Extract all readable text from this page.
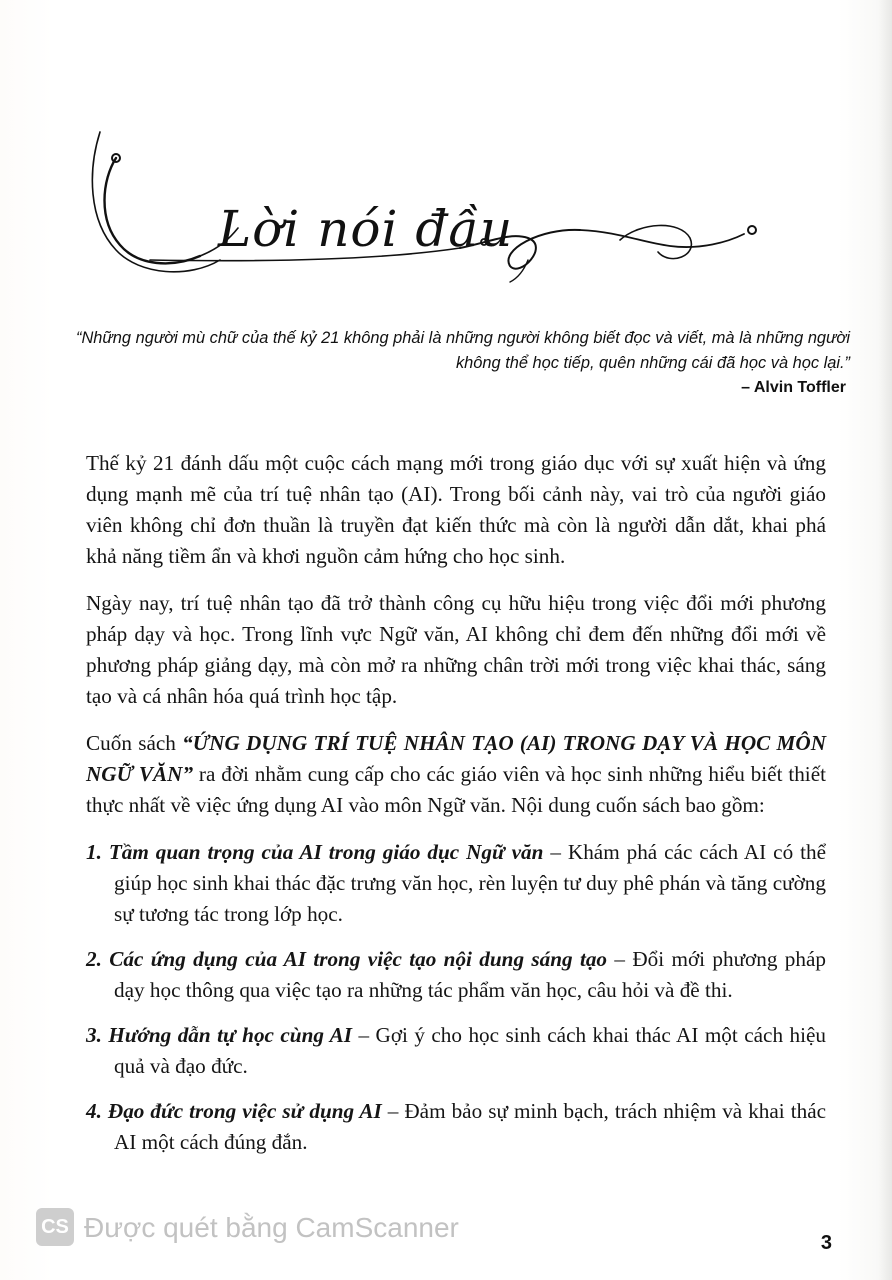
Lời nói đầu
“Những người mù chữ của thế kỷ 21 không phải là những người không biết đọc và viết, mà là những người không thể học tiếp, quên những cái đã học và học lại.”
– Alvin Toffler

Thế kỷ 21 đánh dấu một cuộc cách mạng mới trong giáo dục với sự xuất hiện và ứng dụng mạnh mẽ của trí tuệ nhân tạo (AI). Trong bối cảnh này, vai trò của người giáo viên không chỉ đơn thuần là truyền đạt kiến thức mà còn là người dẫn dắt, khai phá khả năng tiềm ẩn và khơi nguồn cảm hứng cho học sinh.

Ngày nay, trí tuệ nhân tạo đã trở thành công cụ hữu hiệu trong việc đổi mới phương pháp dạy và học. Trong lĩnh vực Ngữ văn, AI không chỉ đem đến những đổi mới về phương pháp giảng dạy, mà còn mở ra những chân trời mới trong việc khai thác, sáng tạo và cá nhân hóa quá trình học tập.

Cuốn sách “ỨNG DỤNG TRÍ TUỆ NHÂN TẠO (AI) TRONG DẠY VÀ HỌC MÔN NGỮ VĂN” ra đời nhằm cung cấp cho các giáo viên và học sinh những hiểu biết thiết thực nhất về việc ứng dụng AI vào môn Ngữ văn. Nội dung cuốn sách bao gồm:

1. Tầm quan trọng của AI trong giáo dục Ngữ văn – Khám phá các cách AI có thể giúp học sinh khai thác đặc trưng văn học, rèn luyện tư duy phê phán và tăng cường sự tương tác trong lớp học.
2. Các ứng dụng của AI trong việc tạo nội dung sáng tạo – Đổi mới phương pháp dạy học thông qua việc tạo ra những tác phẩm văn học, câu hỏi và đề thi.
3. Hướng dẫn tự học cùng AI – Gợi ý cho học sinh cách khai thác AI một cách hiệu quả và đạo đức.
4. Đạo đức trong việc sử dụng AI – Đảm bảo sự minh bạch, trách nhiệm và khai thác AI một cách đúng đắn.
CS Được quét bằng CamScanner	3
